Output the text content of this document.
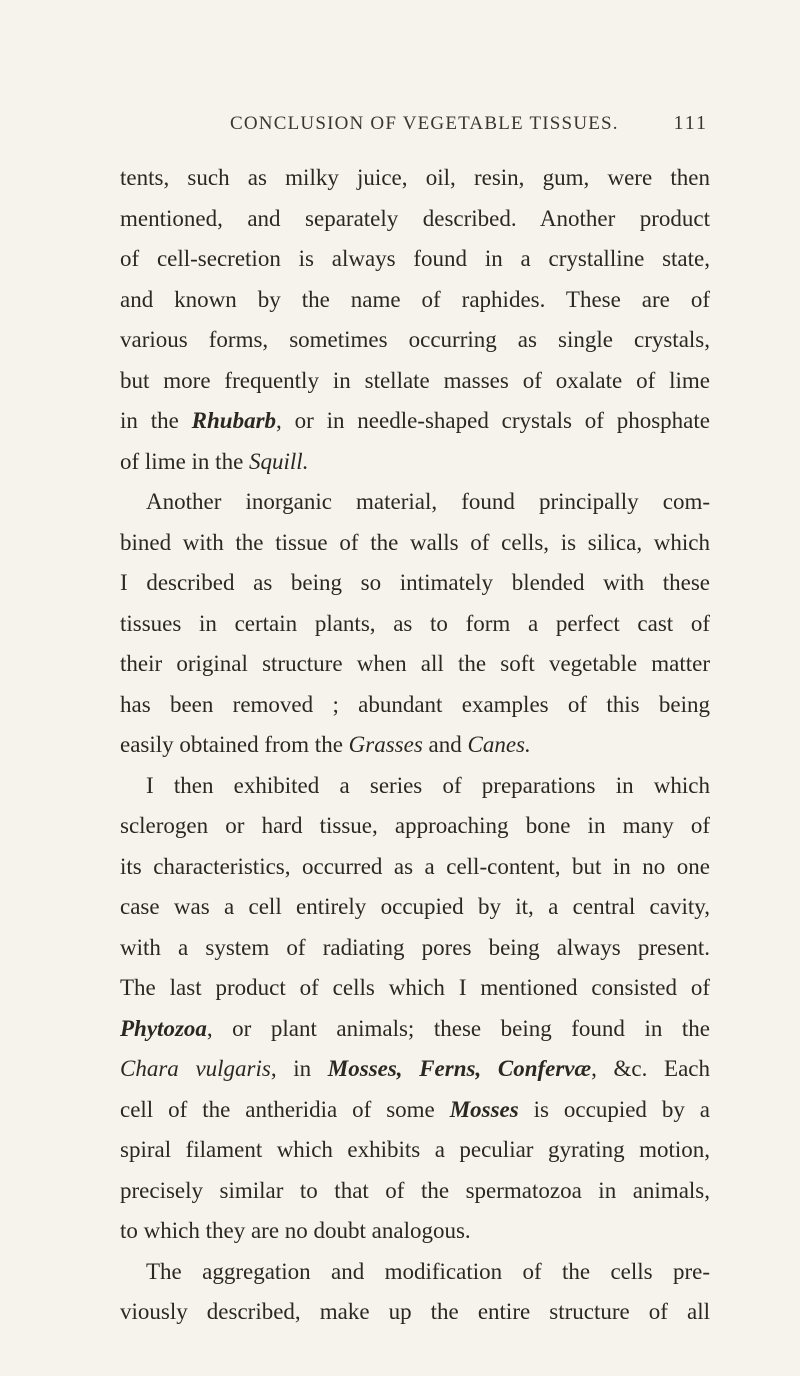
CONCLUSION OF VEGETABLE TISSUES.	111
tents, such as milky juice, oil, resin, gum, were then
mentioned, and separately described. Another product
of cell-secretion is always found in a crystalline state,
and known by the name of raphides. These are of
various forms, sometimes occurring as single crystals,
but more frequently in stellate masses of oxalate of lime
in the Rhubarb, or in needle-shaped crystals of phosphate
of lime in the Squill.
Another inorganic material, found principally com-
bined with the tissue of the walls of cells, is silica, which
I described as being so intimately blended with these
tissues in certain plants, as to form a perfect cast of
their original structure when all the soft vegetable matter
has been removed ; abundant examples of this being
easily obtained from the Grasses and Canes.
I then exhibited a series of preparations in which
sclerogen or hard tissue, approaching bone in many of
its characteristics, occurred as a cell-content, but in no one
case was a cell entirely occupied by it, a central cavity,
with a system of radiating pores being always present.
The last product of cells which I mentioned consisted of
Phytozoa, or plant animals; these being found in the
Chara vulgaris, in Mosses, Ferns, Confervæ, &c. Each
cell of the antheridia of some Mosses is occupied by a
spiral filament which exhibits a peculiar gyrating motion,
precisely similar to that of the spermatozoa in animals,
to which they are no doubt analogous.
The aggregation and modification of the cells pre-
viously described, make up the entire structure of all
